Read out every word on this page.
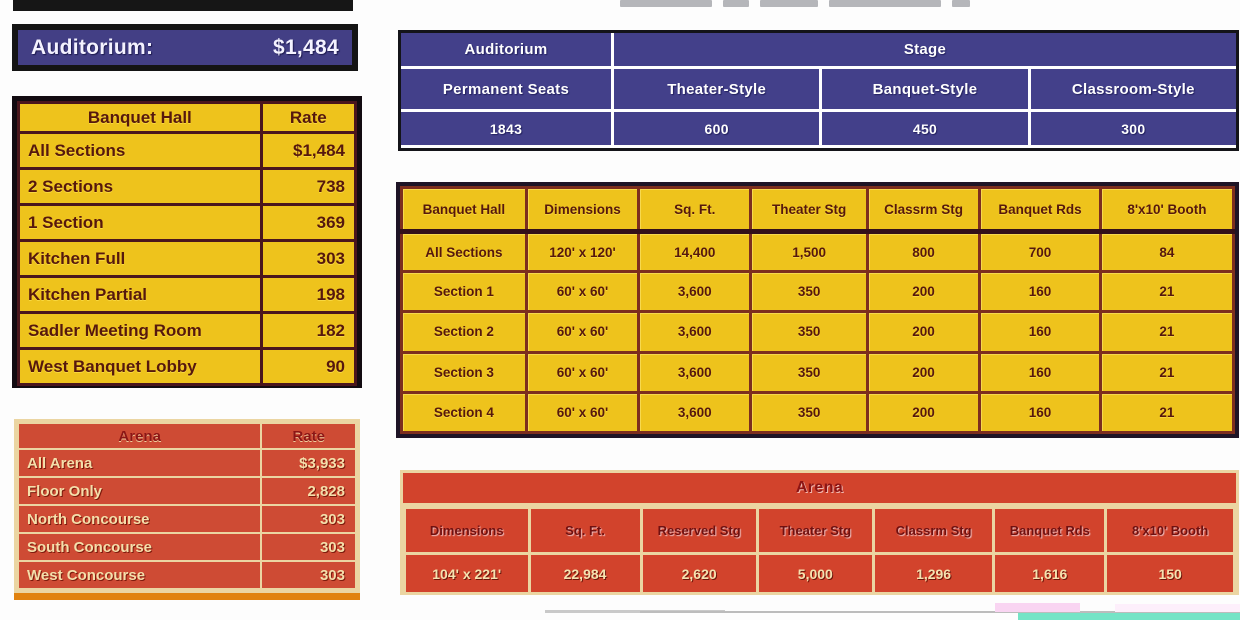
Auditorium:	$1,484
Banquet Hall	Rate
All Sections	$1,484
2 Sections	738
1 Section	369
Kitchen Full	303
Kitchen Partial	198
Sadler Meeting Room	182
West Banquet Lobby	90
Arena	Rate
All Arena	$3,933
Floor Only	2,828
North Concourse	303
South Concourse	303
West Concourse	303
Auditorium	Stage
Permanent Seats	Theater-Style	Banquet-Style	Classroom-Style
1843	600	450	300
Banquet Hall	Dimensions	Sq. Ft.	Theater Stg	Classrm Stg	Banquet Rds	8'x10' Booth
All Sections	120' x 120'	14,400	1,500	800	700	84
Section 1	60' x 60'	3,600	350	200	160	21
Section 2	60' x 60'	3,600	350	200	160	21
Section 3	60' x 60'	3,600	350	200	160	21
Section 4	60' x 60'	3,600	350	200	160	21
Arena
Dimensions	Sq. Ft.	Reserved Stg	Theater Stg	Classrm Stg	Banquet Rds	8'x10' Booth
104' x 221'	22,984	2,620	5,000	1,296	1,616	150
